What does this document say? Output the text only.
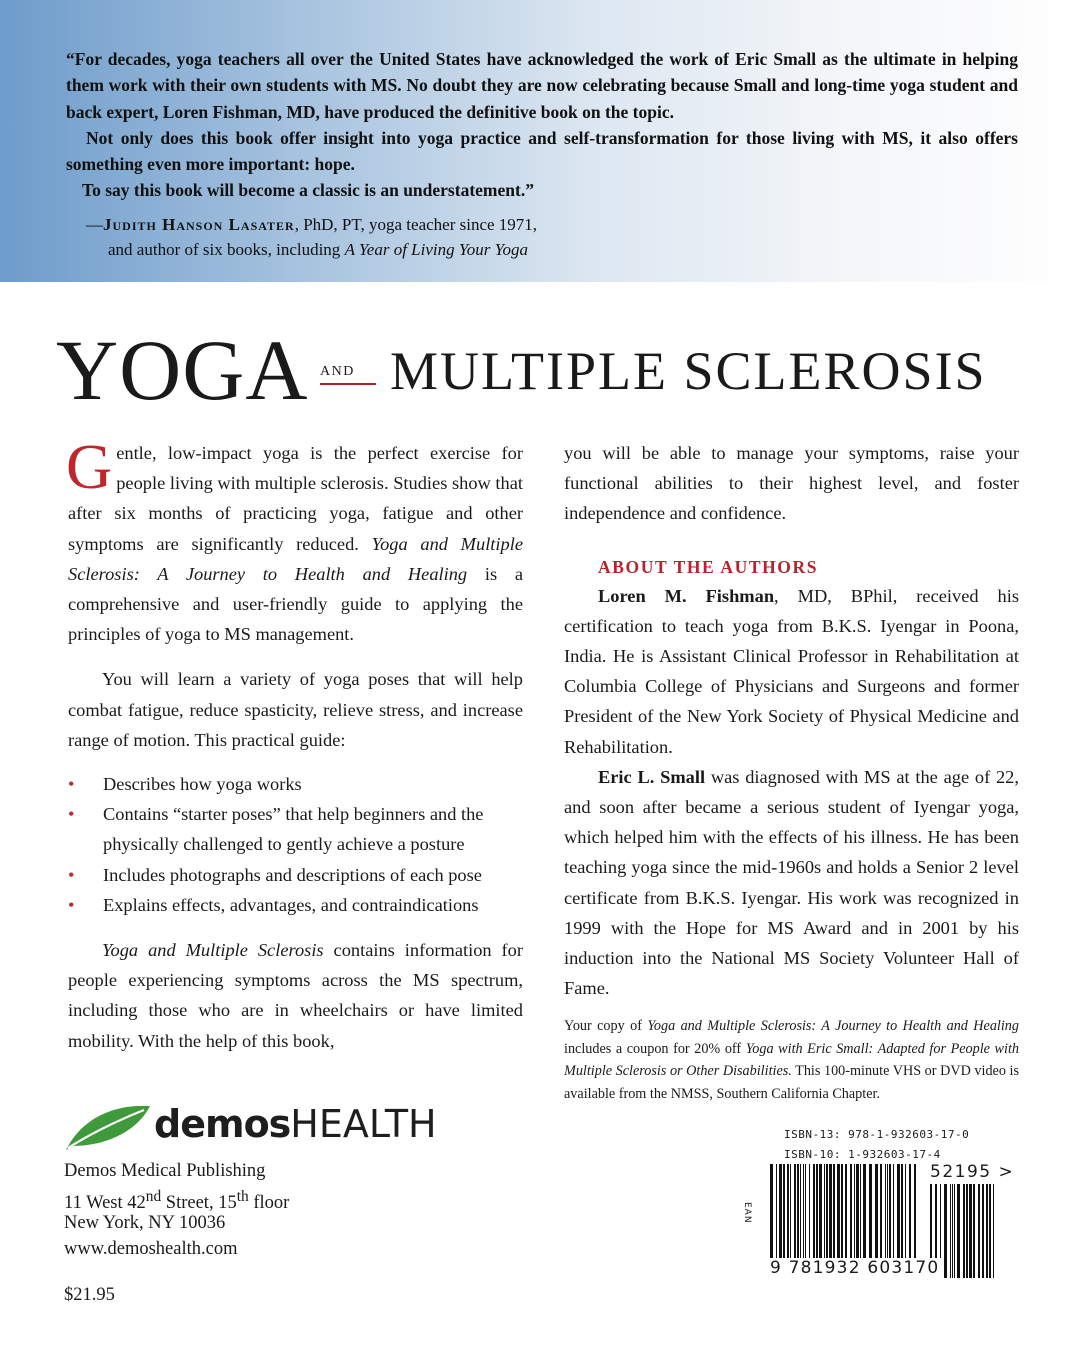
“For decades, yoga teachers all over the United States have acknowledged the work of Eric Small as the ultimate in helping them work with their own students with MS. No doubt they are now celebrating because Small and long-time yoga student and back expert, Loren Fishman, MD, have produced the definitive book on the topic.
Not only does this book offer insight into yoga practice and self-transformation for those living with MS, it also offers something even more important: hope.
To say this book will become a classic is an understatement.”
—Judith Hanson Lasater, PhD, PT, yoga teacher since 1971,
and author of six books, including A Year of Living Your Yoga
YOGA AND MULTIPLE SCLEROSIS

Gentle, low-impact yoga is the perfect exercise for people living with multiple sclerosis. Studies show that after six months of practicing yoga, fatigue and other symptoms are significantly reduced. Yoga and Multiple Sclerosis: A Journey to Health and Healing is a comprehensive and user-friendly guide to applying the principles of yoga to MS management.

You will learn a variety of yoga poses that will help combat fatigue, reduce spasticity, relieve stress, and increase range of motion. This practical guide:

• Describes how yoga works
• Contains “starter poses” that help beginners and the physically challenged to gently achieve a posture
• Includes photographs and descriptions of each pose
• Explains effects, advantages, and contraindications

Yoga and Multiple Sclerosis contains information for people experiencing symptoms across the MS spectrum, including those who are in wheelchairs or have limited mobility. With the help of this book,

you will be able to manage your symptoms, raise your functional abilities to their highest level, and foster independence and confidence.

ABOUT THE AUTHORS

Loren M. Fishman, MD, BPhil, received his certification to teach yoga from B.K.S. Iyengar in Poona, India. He is Assistant Clinical Professor in Rehabilitation at Columbia College of Physicians and Surgeons and former President of the New York Society of Physical Medicine and Rehabilitation.

Eric L. Small was diagnosed with MS at the age of 22, and soon after became a serious student of Iyengar yoga, which helped him with the effects of his illness. He has been teaching yoga since the mid-1960s and holds a Senior 2 level certificate from B.K.S. Iyengar. His work was recognized in 1999 with the Hope for MS Award and in 2001 by his induction into the National MS Society Volunteer Hall of Fame.

Your copy of Yoga and Multiple Sclerosis: A Journey to Health and Healing includes a coupon for 20% off Yoga with Eric Small: Adapted for People with Multiple Sclerosis or Other Disabilities. This 100-minute VHS or DVD video is available from the NMSS, Southern California Chapter.

demosHEALTH
Demos Medical Publishing
11 West 42nd Street, 15th floor
New York, NY 10036
www.demoshealth.com
$21.95
ISBN-13: 978-1-932603-17-0
ISBN-10: 1-932603-17-4
EAN
52195 >
9 781932 603170
